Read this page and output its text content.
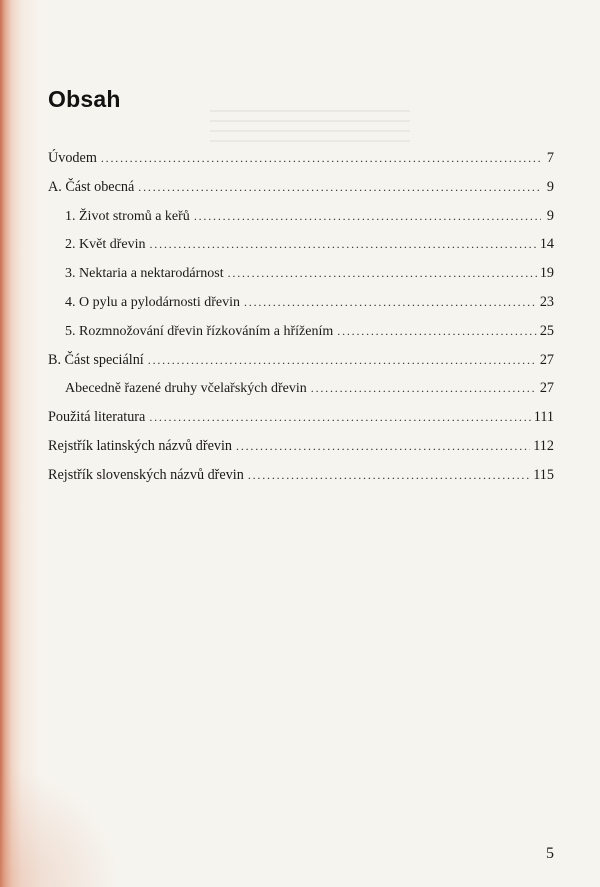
Obsah
Úvodem . . .	7
A. Část obecná . . .	9
1. Život stromů a keřů . . .	9
2. Květ dřevin . . .	14
3. Nektaria a nektarodárnost . . .	19
4. O pylu a pylodárnosti dřevin . . .	23
5. Rozmnožování dřevin řízkováním a hřížením . . .	25
B. Část speciální . . .	27
Abecedně řazené druhy včelařských dřevin . . .	27
Použitá literatura . . .	111
Rejstřík latinských názvů dřevin . . .	112
Rejstřík slovenských názvů dřevin . . .	115
5
